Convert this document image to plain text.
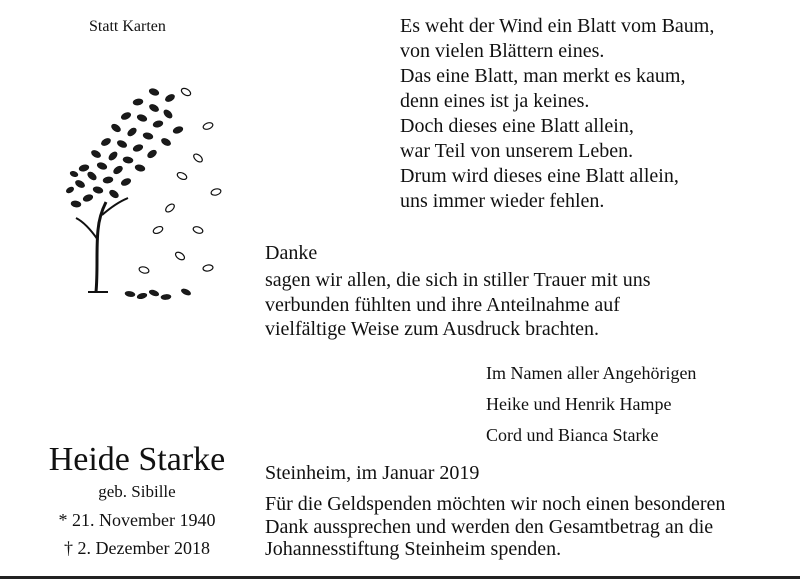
Statt Karten	Es weht der Wind ein Blatt vom Baum,
von vielen Blättern eines.
Das eine Blatt, man merkt es kaum,
denn eines ist ja keines.
Doch dieses eine Blatt allein,
war Teil von unserem Leben.
Drum wird dieses eine Blatt allein,
uns immer wieder fehlen.
Danke
sagen wir allen, die sich in stiller Trauer mit uns
verbunden fühlten und ihre Anteilnahme auf
vielfältige Weise zum Ausdruck brachten.
Im Namen aller Angehörigen
Heike und Henrik Hampe
Cord und Bianca Starke
Heide Starke
geb. Sibille
* 21. November 1940
† 2. Dezember 2018
Steinheim, im Januar 2019
Für die Geldspenden möchten wir noch einen besonderen
Dank aussprechen und werden den Gesamtbetrag an die
Johannesstiftung Steinheim spenden.
